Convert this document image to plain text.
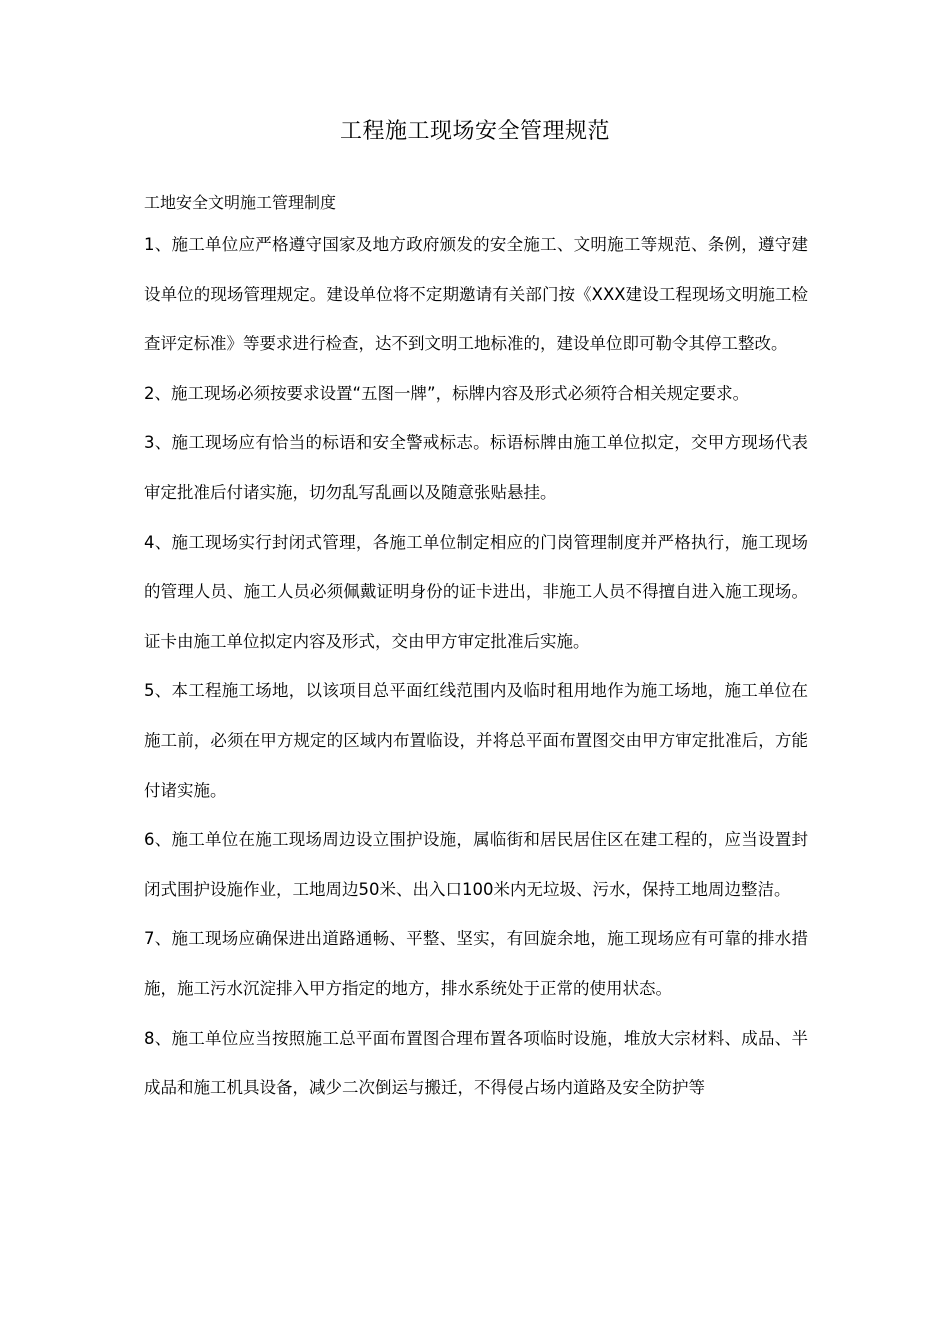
工程施工现场安全管理规范
工地安全文明施工管理制度

1、施工单位应严格遵守国家及地方政府颁发的安全施工、文明施工等规范、条例，遵守建设单位的现场管理规定。建设单位将不定期邀请有关部门按《XXX建设工程现场文明施工检查评定标准》等要求进行检查，达不到文明工地标准的，建设单位即可勒令其停工整改。

2、施工现场必须按要求设置“五图一牌”，标牌内容及形式必须符合相关规定要求。

3、施工现场应有恰当的标语和安全警戒标志。标语标牌由施工单位拟定，交甲方现场代表审定批准后付诸实施，切勿乱写乱画以及随意张贴悬挂。

4、施工现场实行封闭式管理，各施工单位制定相应的门岗管理制度并严格执行，施工现场的管理人员、施工人员必须佩戴证明身份的证卡进出，非施工人员不得擅自进入施工现场。证卡由施工单位拟定内容及形式，交由甲方审定批准后实施。

5、本工程施工场地，以该项目总平面红线范围内及临时租用地作为施工场地，施工单位在施工前，必须在甲方规定的区域内布置临设，并将总平面布置图交由甲方审定批准后，方能付诸实施。

6、施工单位在施工现场周边设立围护设施，属临街和居民居住区在建工程的，应当设置封闭式围护设施作业，工地周边50米、出入口100米内无垃圾、污水，保持工地周边整洁。

7、施工现场应确保进出道路通畅、平整、坚实，有回旋余地，施工现场应有可靠的排水措施，施工污水沉淀排入甲方指定的地方，排水系统处于正常的使用状态。

8、施工单位应当按照施工总平面布置图合理布置各项临时设施，堆放大宗材料、成品、半成品和施工机具设备，减少二次倒运与搬迁，不得侵占场内道路及安全防护等
